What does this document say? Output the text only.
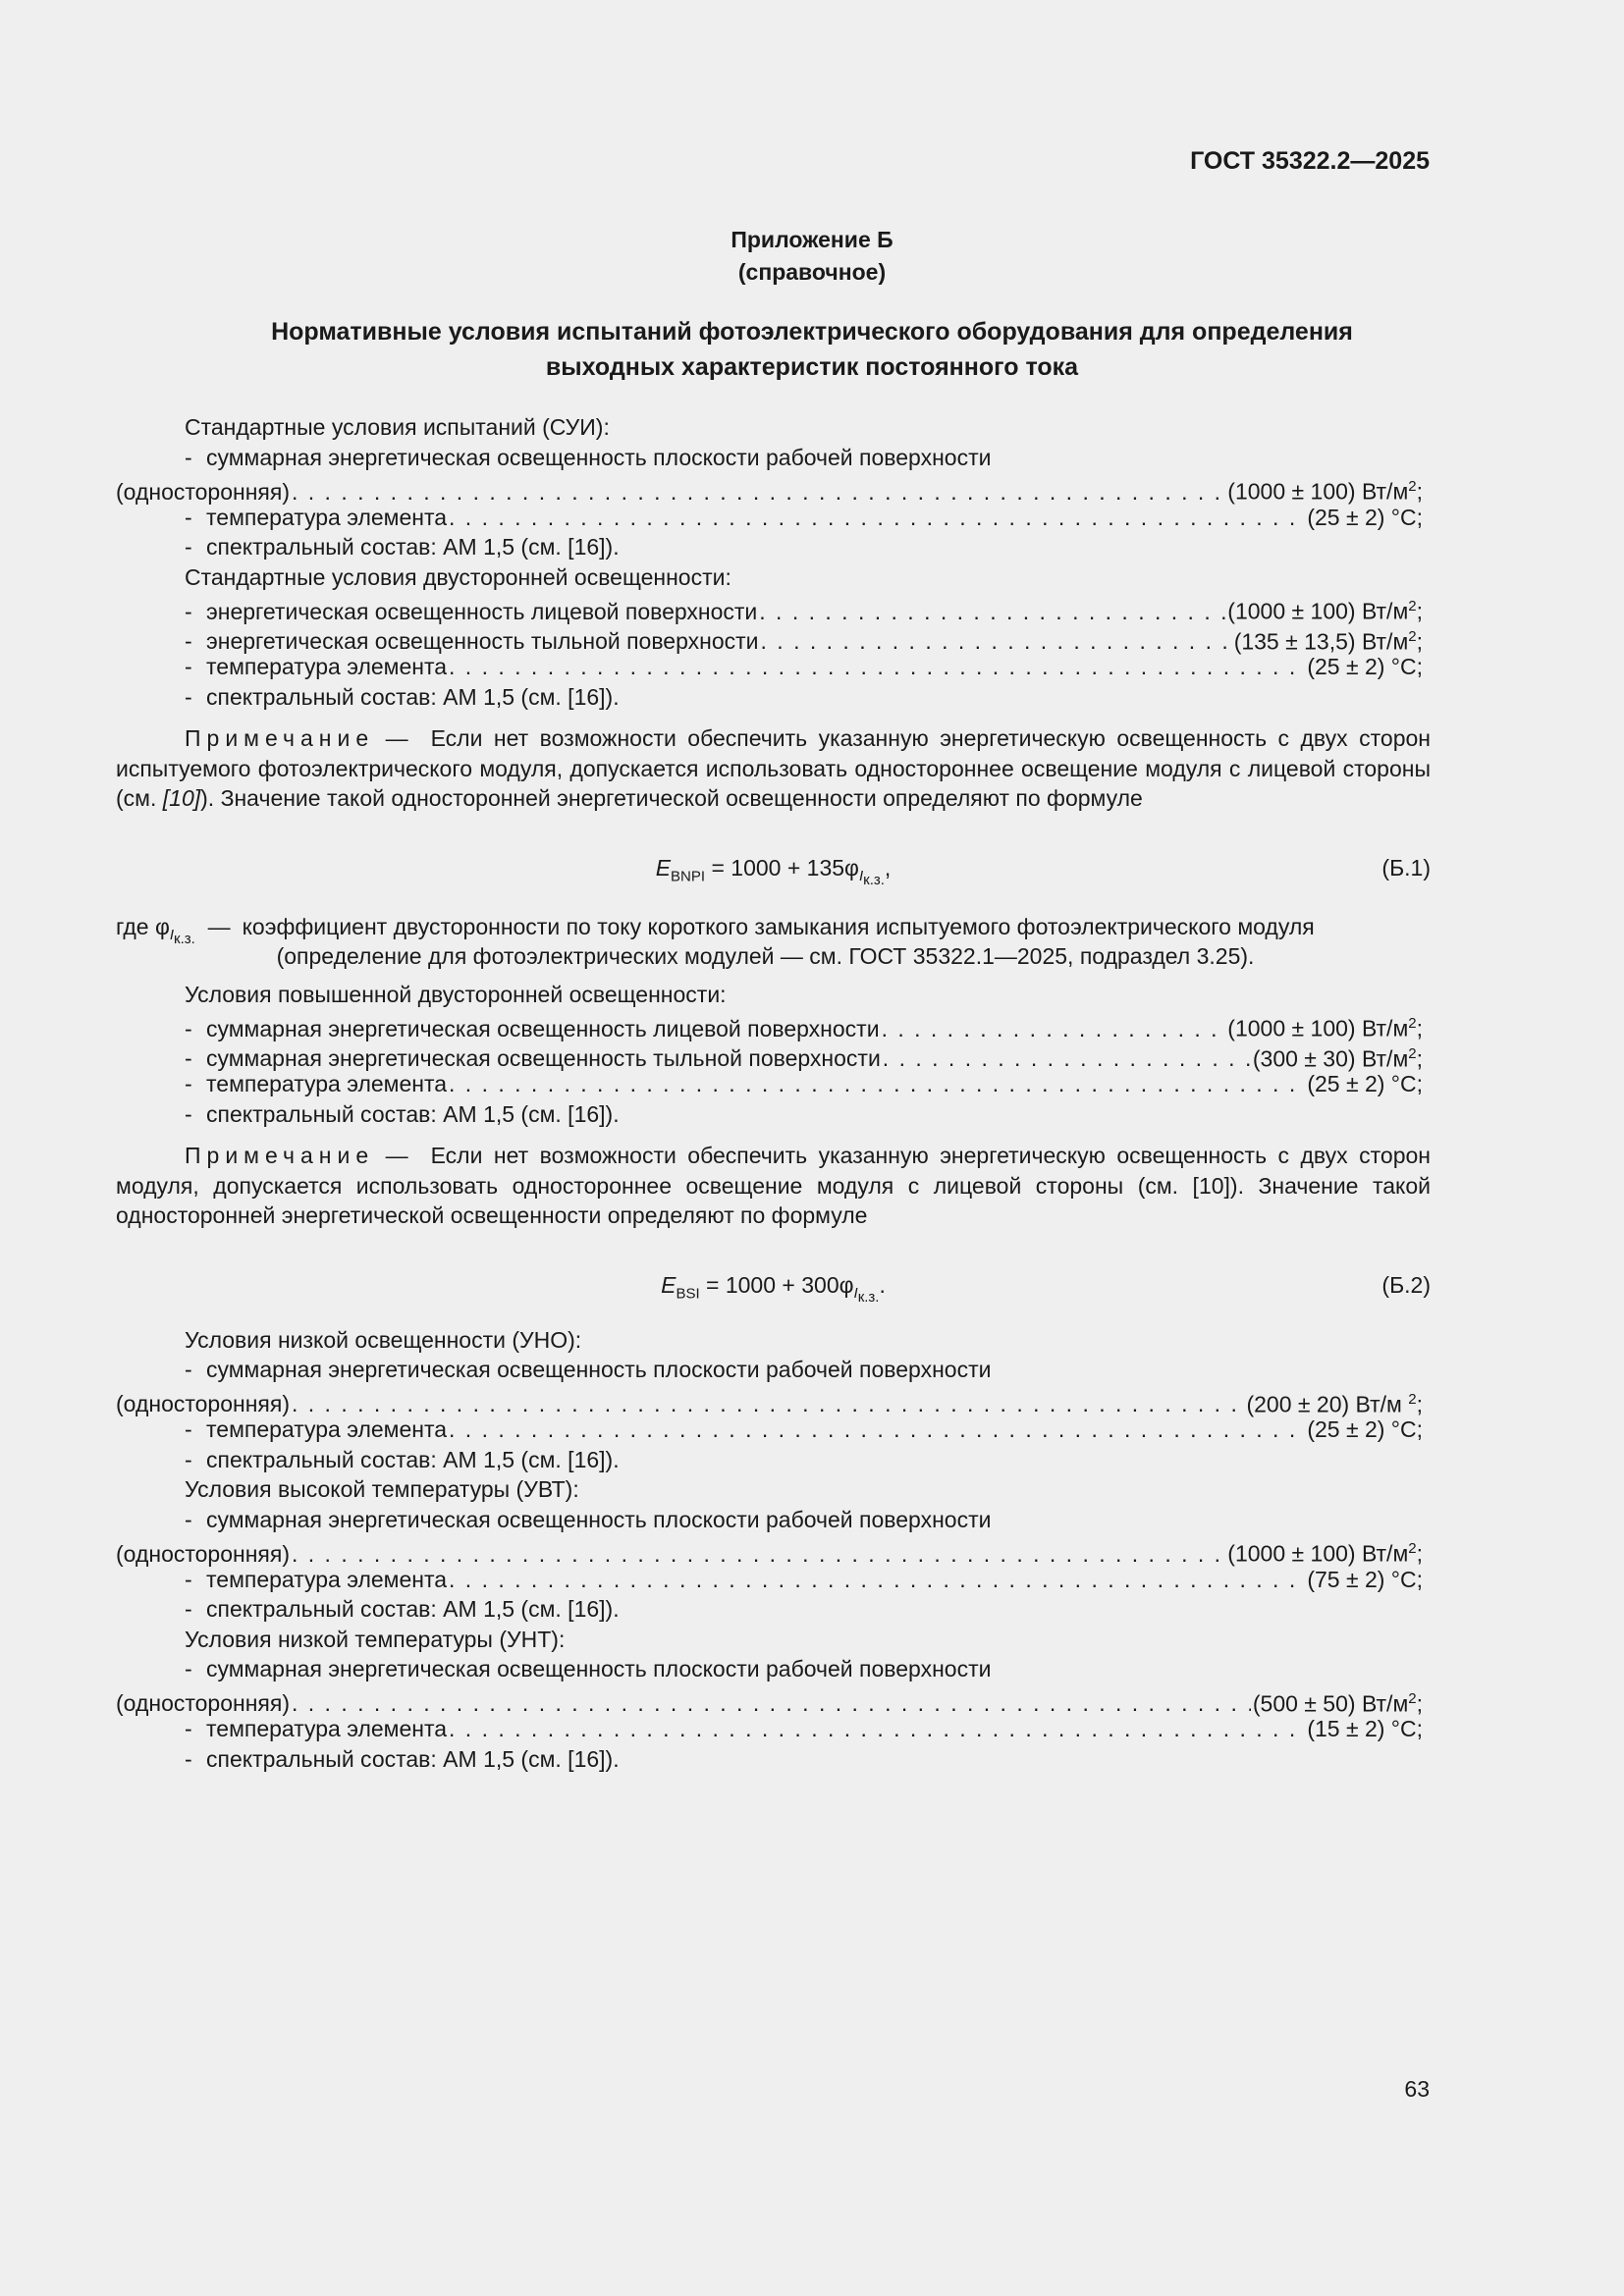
ГОСТ 35322.2—2025
Приложение Б
(справочное)
Нормативные условия испытаний фотоэлектрического оборудования для определения
выходных характеристик постоянного тока
Стандартные условия испытаний (СУИ):
- суммарная энергетическая освещенность плоскости рабочей поверхности
(односторонняя) . . .	(1000 ± 100) $Вт/м^2$;
- температура элемента . . .	(25 ± 2) °С;
- спектральный состав: АМ 1,5 (см. [16]).
Стандартные условия двусторонней освещенности:
- энергетическая освещенность лицевой поверхности . . .	(1000 ± 100) $Вт/м^2$;
- энергетическая освещенность тыльной поверхности . . .	(135 ± 13,5) $Вт/м^2$;
- температура элемента . . .	(25 ± 2) °С;
- спектральный состав: АМ 1,5 (см. [16]).
Примечание — Если нет возможности обеспечить указанную энергетическую освещенность с двух сторон испытуемого фотоэлектрического модуля, допускается использовать одностороннее освещение модуля с лицевой стороны (см. [10]). Значение такой односторонней энергетической освещенности определяют по формуле
$E_{BNPI} = 1000 + 135\varphi_{I_{к.з.}}$,	(Б.1)
где $\varphi_{I_{к.з.}}$  — коэффициент двусторонности по току короткого замыкания испытуемого фотоэлектрического модуля
(определение для фотоэлектрических модулей — см. ГОСТ 35322.1—2025, подраздел 3.25).
Условия повышенной двусторонней освещенности:
- суммарная энергетическая освещенность лицевой поверхности . . .	(1000 ± 100) $Вт/м^2$;
- суммарная энергетическая освещенность тыльной поверхности . . .	(300 ± 30) $Вт/м^2$;
- температура элемента . . .	(25 ± 2) °С;
- спектральный состав: АМ 1,5 (см. [16]).
Примечание — Если нет возможности обеспечить указанную энергетическую освещенность с двух сторон модуля, допускается использовать одностороннее освещение модуля с лицевой стороны (см. [10]). Значение такой односторонней энергетической освещенности определяют по формуле
$E_{BSI} = 1000 + 300\varphi_{I_{к.з.}}$.	(Б.2)
Условия низкой освещенности (УНО):
- суммарная энергетическая освещенность плоскости рабочей поверхности
(односторонняя) . . .	(200 ± 20) Вт/м $^2$;
- температура элемента . . .	(25 ± 2) °С;
- спектральный состав: АМ 1,5 (см. [16]).
Условия высокой температуры (УВТ):
- суммарная энергетическая освещенность плоскости рабочей поверхности
(односторонняя) . . .	(1000 ± 100) $Вт/м^2$;
- температура элемента . . .	(75 ± 2) °С;
- спектральный состав: АМ 1,5 (см. [16]).
Условия низкой температуры (УНТ):
- суммарная энергетическая освещенность плоскости рабочей поверхности
(односторонняя) . . .	(500 ± 50) $Вт/м^2$;
- температура элемента . . .	(15 ± 2) °С;
- спектральный состав: АМ 1,5 (см. [16]).
63
